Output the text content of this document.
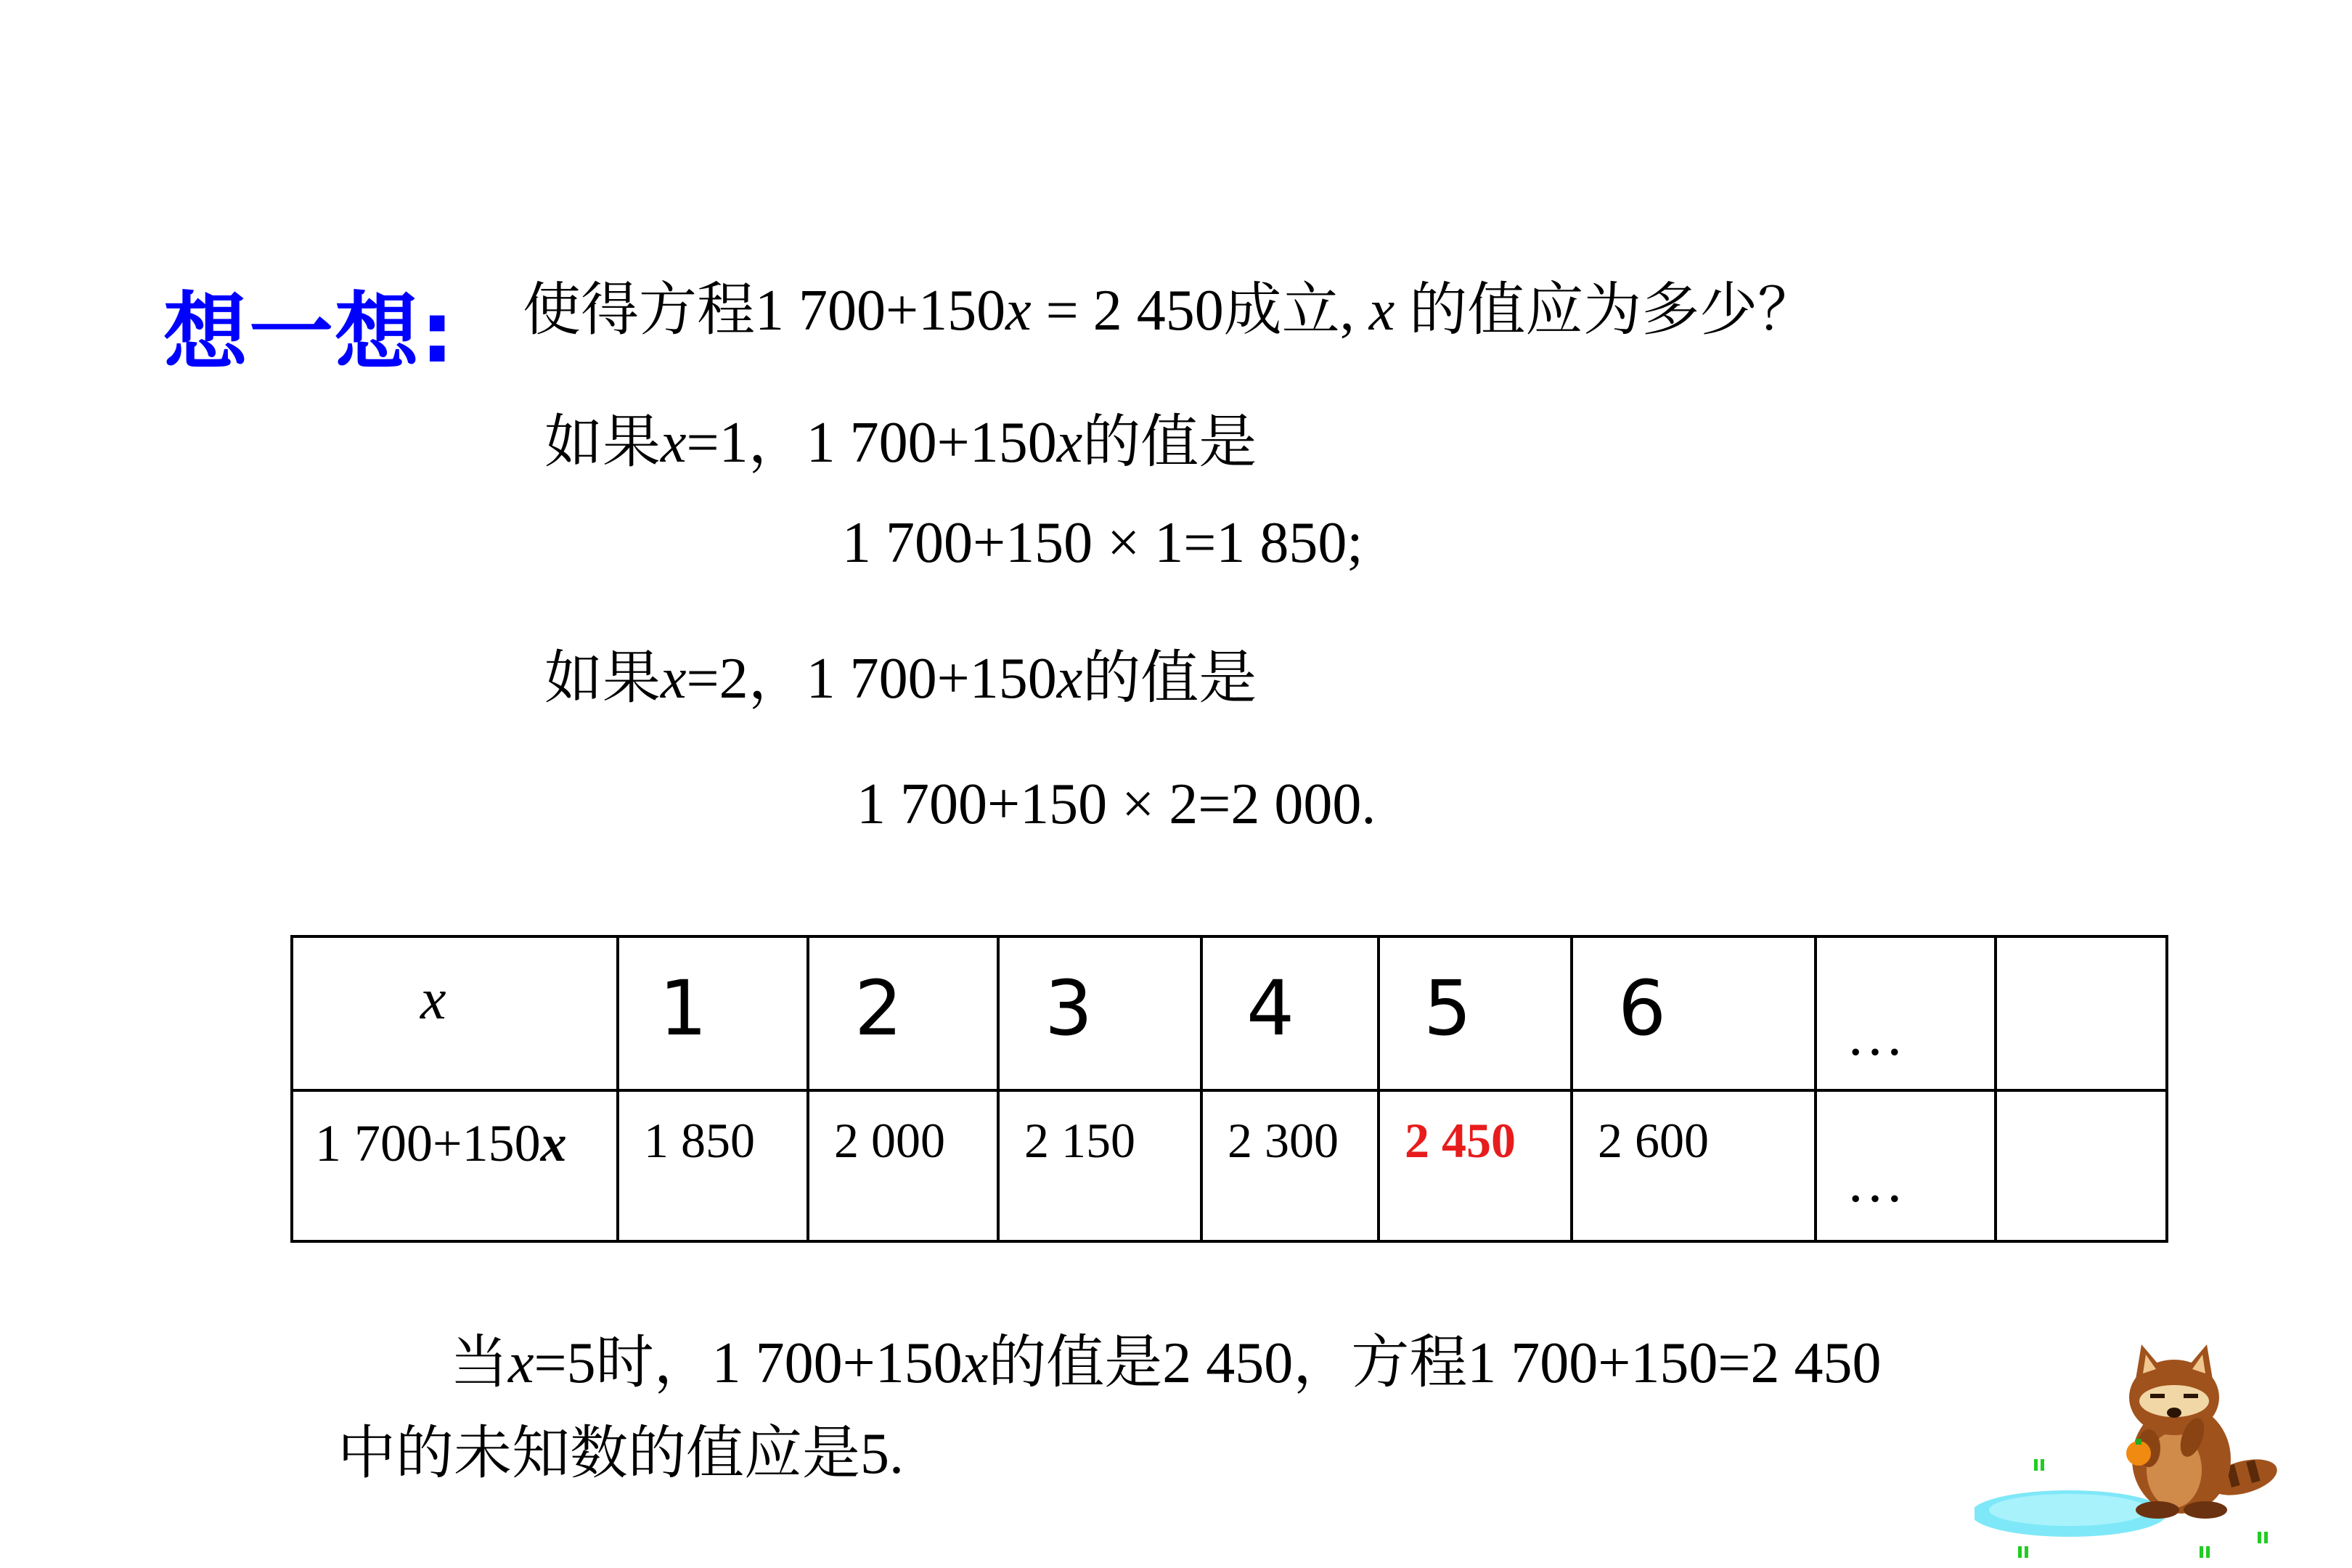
想一想: 使得方程1 700+150x = 2 450成立, x 的值应为多少？
如果x=1，1 700+150x的值是
1 700+150 × 1=1 850;
如果x=2，1 700+150x的值是
1 700+150 × 2=2 000.
x	1	2	3	4	5	6	…	

1 700+150x	1 850	2 000	2 150	2 300	2 450	2 600	…	

当x=5时，1 700+150x的值是2 450，方程1 700+150=2 450
中的未知数的值应是5.
